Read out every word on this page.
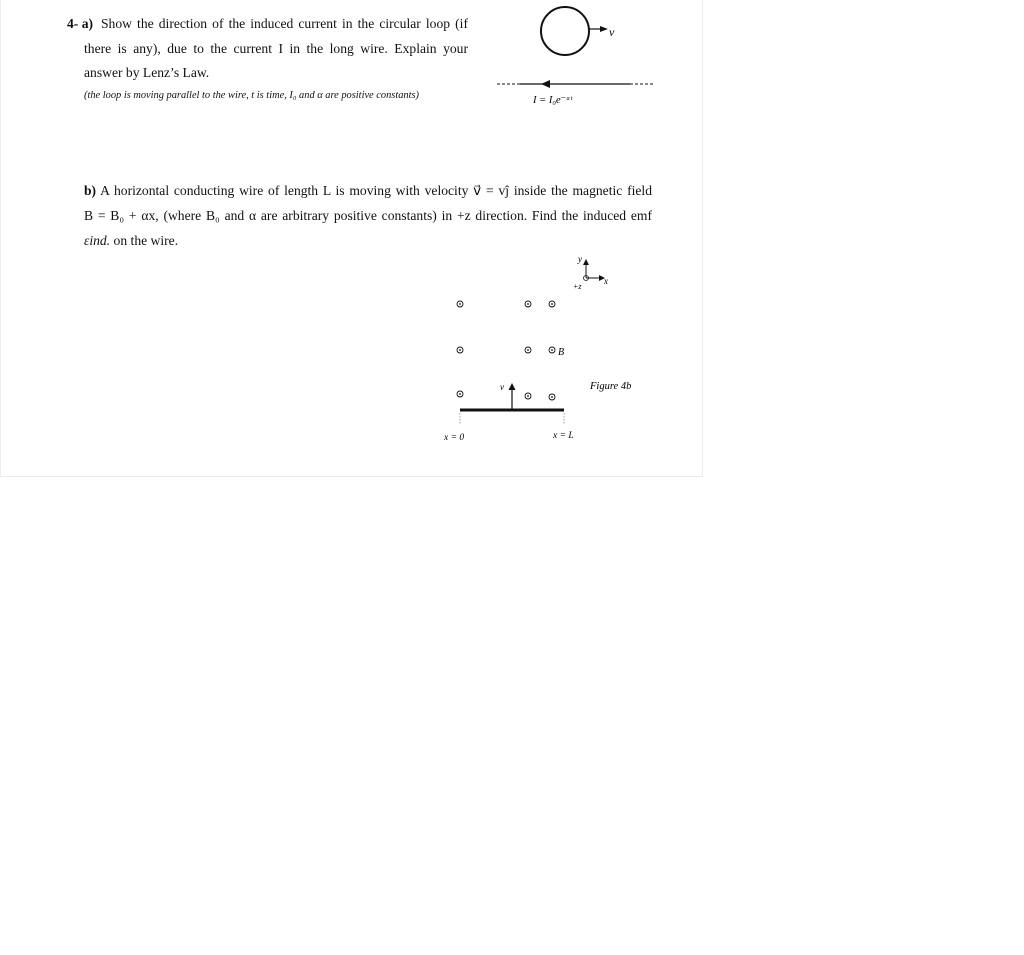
4- a) Show the direction of the induced current in the circular loop (if
there is any), due to the current I in the long wire. Explain your
answer by Lenz’s Law.
(the loop is moving parallel to the wire, t is time, I₀ and α are positive constants)
v⃗
I = I₀e⁻ᵅᵗ
b) A horizontal conducting wire of length L is moving with velocity v⃗ = vĵ inside the magnetic field
B = B₀ + αx, (where B₀ and α are arbitrary positive constants) in +z direction. Find the induced emf
εind. on the wire.
y
x
+z
B⃗
v⃗
x = 0	x = L
Figure 4b
